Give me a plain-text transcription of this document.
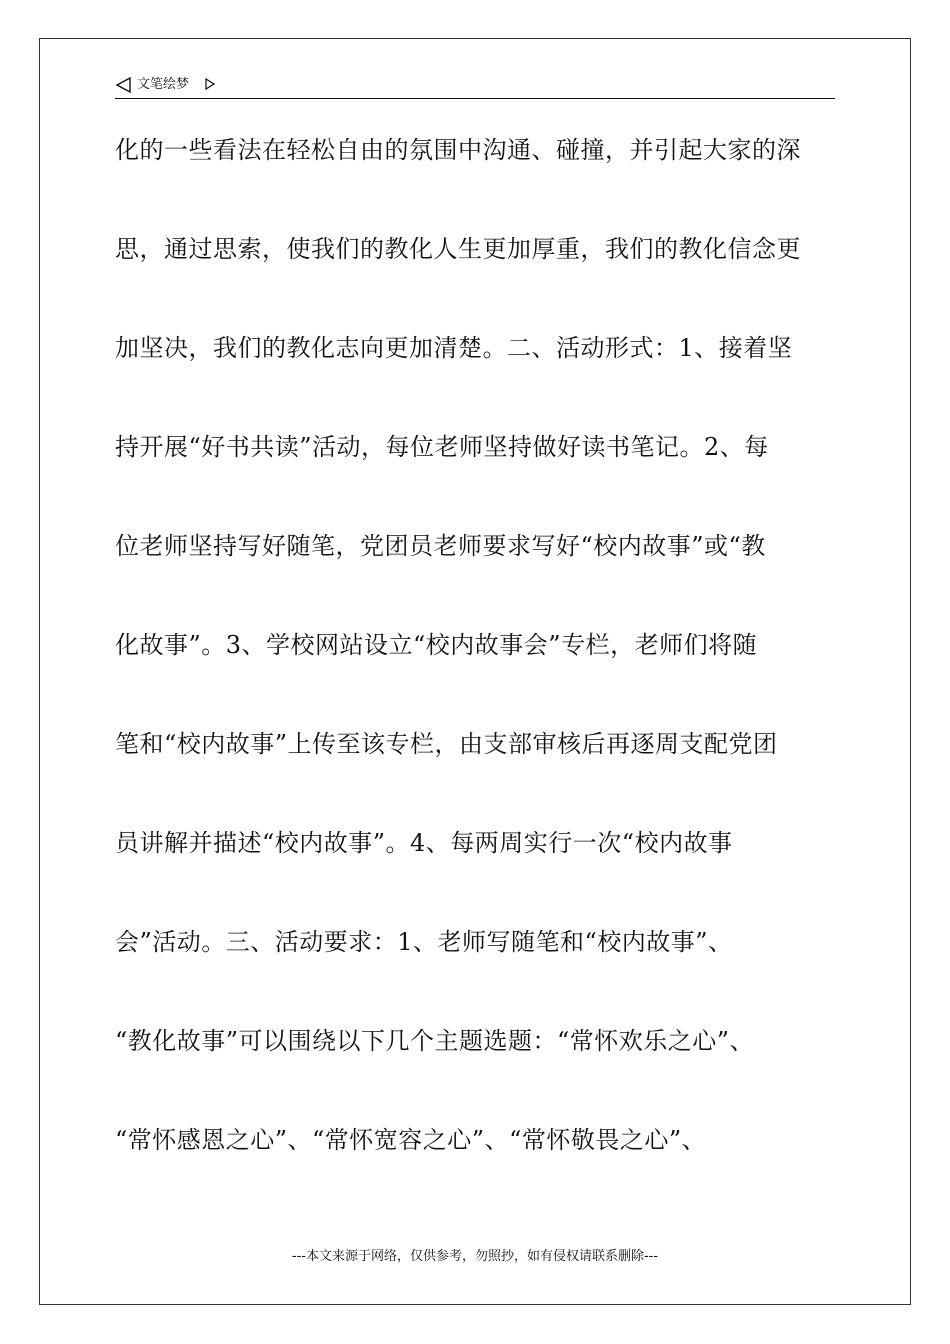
文笔绘梦
化的一些看法在轻松自由的氛围中沟通、碰撞，并引起大家的深
思，通过思索，使我们的教化人生更加厚重，我们的教化信念更
加坚决，我们的教化志向更加清楚。二、活动形式：1、接着坚
持开展“好书共读”活动，每位老师坚持做好读书笔记。2、每
位老师坚持写好随笔，党团员老师要求写好“校内故事”或“教
化故事”。3、学校网站设立“校内故事会”专栏，老师们将随
笔和“校内故事”上传至该专栏，由支部审核后再逐周支配党团
员讲解并描述“校内故事”。4、每两周实行一次“校内故事
会”活动。三、活动要求：1、老师写随笔和“校内故事”、
“教化故事”可以围绕以下几个主题选题：“常怀欢乐之心”、
“常怀感恩之心”、“常怀宽容之心”、“常怀敬畏之心”、
---本文来源于网络，仅供参考，勿照抄，如有侵权请联系删除---
